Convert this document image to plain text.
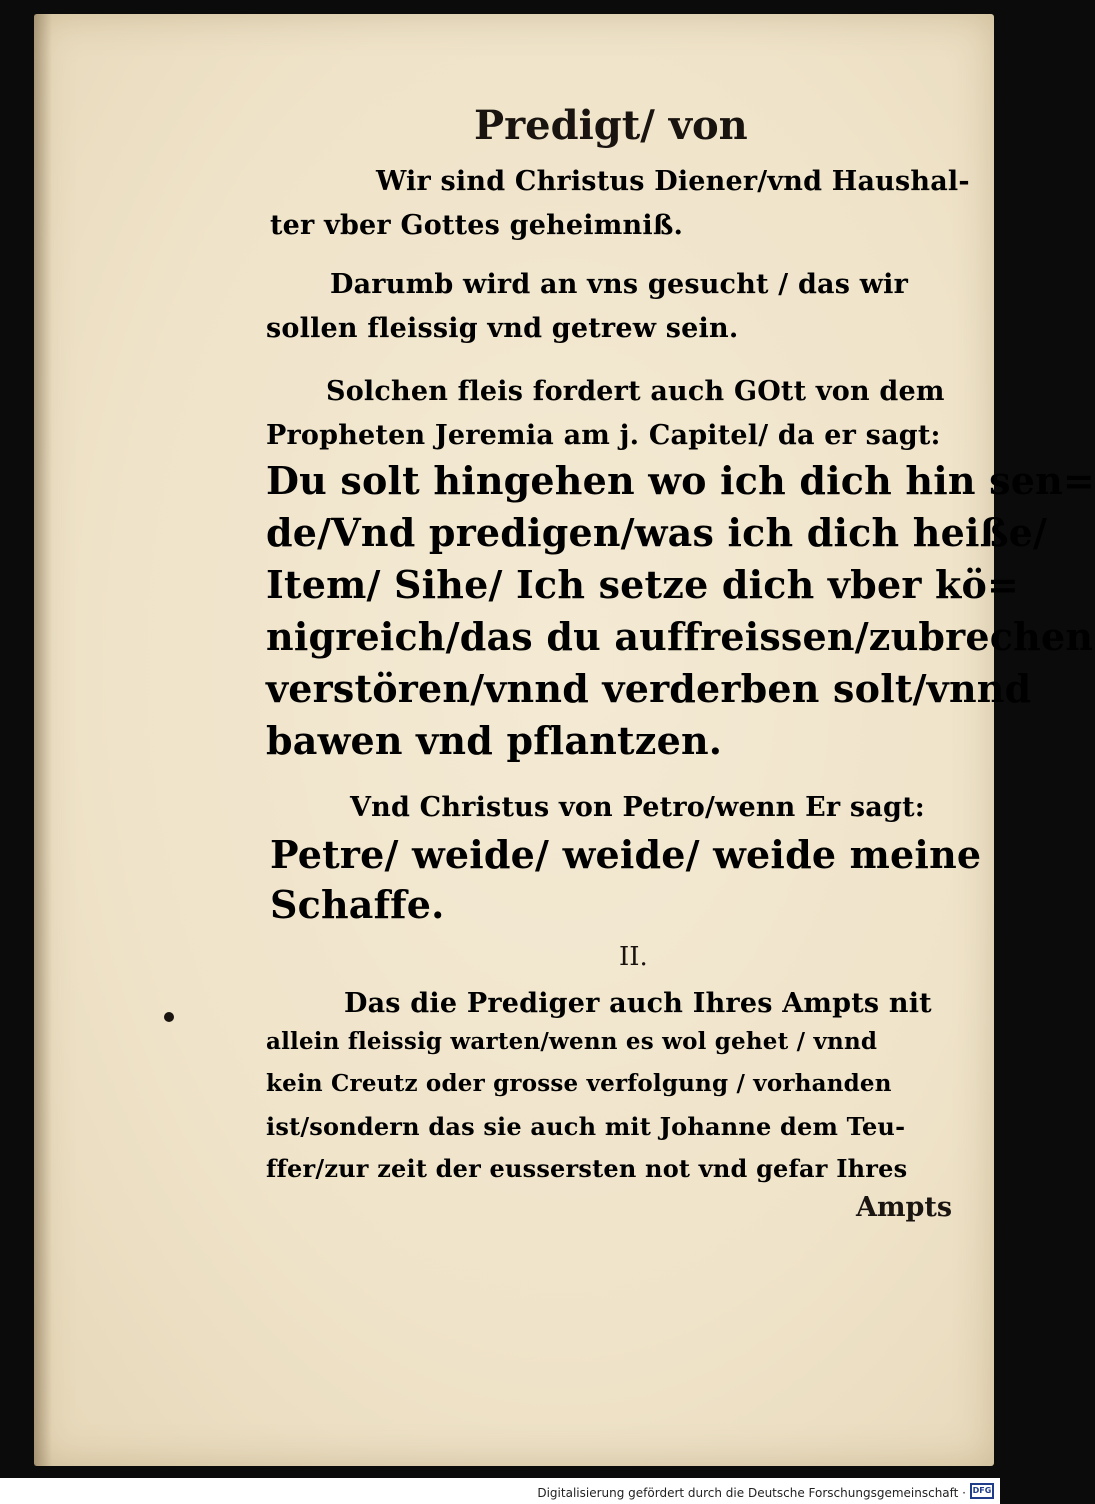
Predigt/ von
Wir sind Christus Diener/vnd Haushal-
ter vber Gottes geheimniß.
Darumb wird an vns gesucht / das wir
sollen fleissig vnd getrew sein.
Solchen fleis fordert auch GOtt von dem
Propheten Jeremia am j. Capitel/ da er sagt:
Du solt hingehen wo ich dich hin sen=
de/Vnd predigen/was ich dich heiße/
Item/ Sihe/ Ich setze dich vber kö=
nigreich/das du auffreissen/zubrechen
verstören/vnnd verderben solt/vnnd
bawen vnd pflantzen.
Vnd Christus von Petro/wenn Er sagt:
Petre/ weide/ weide/ weide meine
Schaffe.
II.
Das die Prediger auch Ihres Ampts nit
allein fleissig warten/wenn es wol gehet / vnnd
kein Creutz oder grosse verfolgung / vorhanden
ist/sondern das sie auch mit Johanne dem Teu-
ffer/zur zeit der eussersten not vnd gefar Ihres
Ampts
Digitalisierung gefördert durch die Deutsche Forschungsgemeinschaft · DFG
